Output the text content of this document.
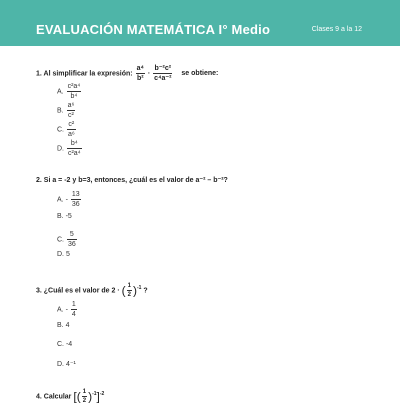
EVALUACIÓN MATEMÁTICA I° Medio	Clases 9 a la 12
1. Al simplificar la expresión: $\frac{\text{a⁴}}{\text{b²}} \cdot \frac{\text{b⁻²c²}}{\text{c⁴a⁻²}}$ se obtiene:
A. $\frac{\text{c²a⁴}}{\text{b⁴}}$
B. $\frac{\text{a⁶}}{\text{c²}}$
C. $\frac{\text{c²}}{\text{a⁶}}$
D. $\frac{\text{b⁴}}{\text{c²a⁴}}$
2. Si a = -2 y b=3, entonces, ¿cuál es el valor de a⁻² – b⁻²?
A. - $\frac{13}{36}$
B. -5
C. $\frac{5}{36}$
D. 5
3. ¿Cuál es el valor de 2 · ( $\frac{1}{2} )^{-1}$ ?
A. - $\frac{1}{4}$
B. 4
C. -4
D. 4⁻¹
4. Calcular [( $\frac{1}{2} )^{-1}]^{-2}$
